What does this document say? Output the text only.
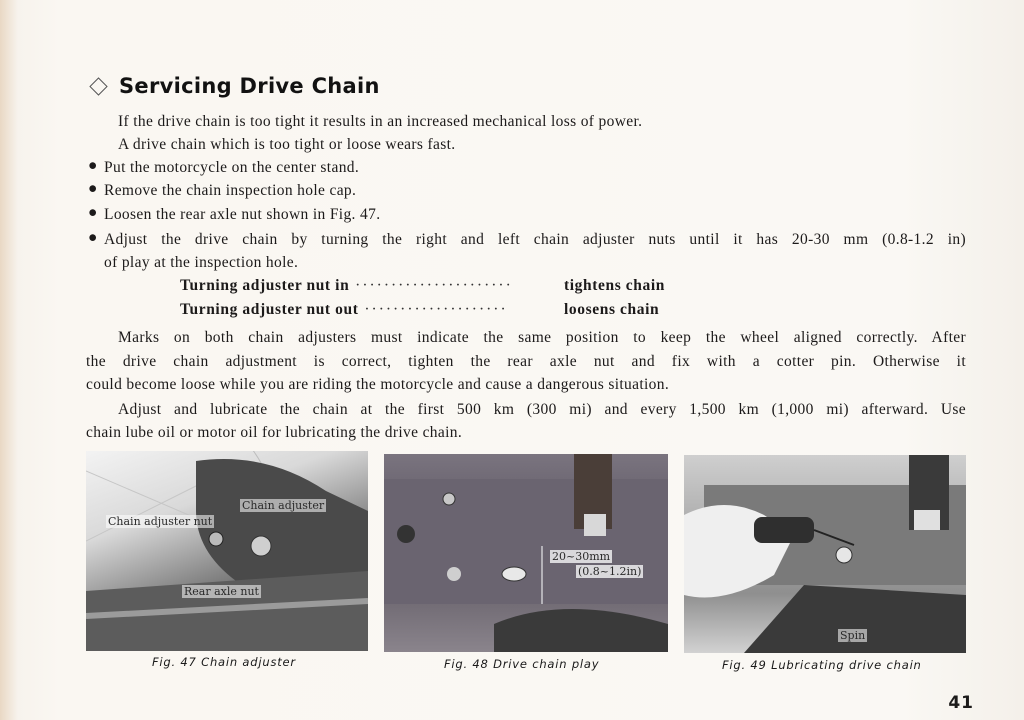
Servicing Drive Chain
If the drive chain is too tight it results in an increased mechanical loss of power.
A drive chain which is too tight or loose wears fast.
● Put the motorcycle on the center stand.
● Remove the chain inspection hole cap.
● Loosen the rear axle nut shown in Fig. 47.
● Adjust the drive chain by turning the right and left chain adjuster nuts until it has 20-30 mm (0.8-1.2 in)
of play at the inspection hole.
Turning adjuster nut in ······················	tightens chain
Turning adjuster nut out ····················	loosens chain
Marks on both chain adjusters must indicate the same position to keep the wheel aligned correctly. After
the drive chain adjustment is correct, tighten the rear axle nut and fix with a cotter pin. Otherwise it
could become loose while you are riding the motorcycle and cause a dangerous situation.
Adjust and lubricate the chain at the first 500 km (300 mi) and every 1,500 km (1,000 mi) afterward. Use
chain lube oil or motor oil for lubricating the drive chain.
Chain adjuster
Chain adjuster nut
Rear axle nut
Fig. 47 Chain adjuster
20~30mm
(0.8~1.2in)
Fig. 48 Drive chain play
Spin
Fig. 49 Lubricating drive chain
41
